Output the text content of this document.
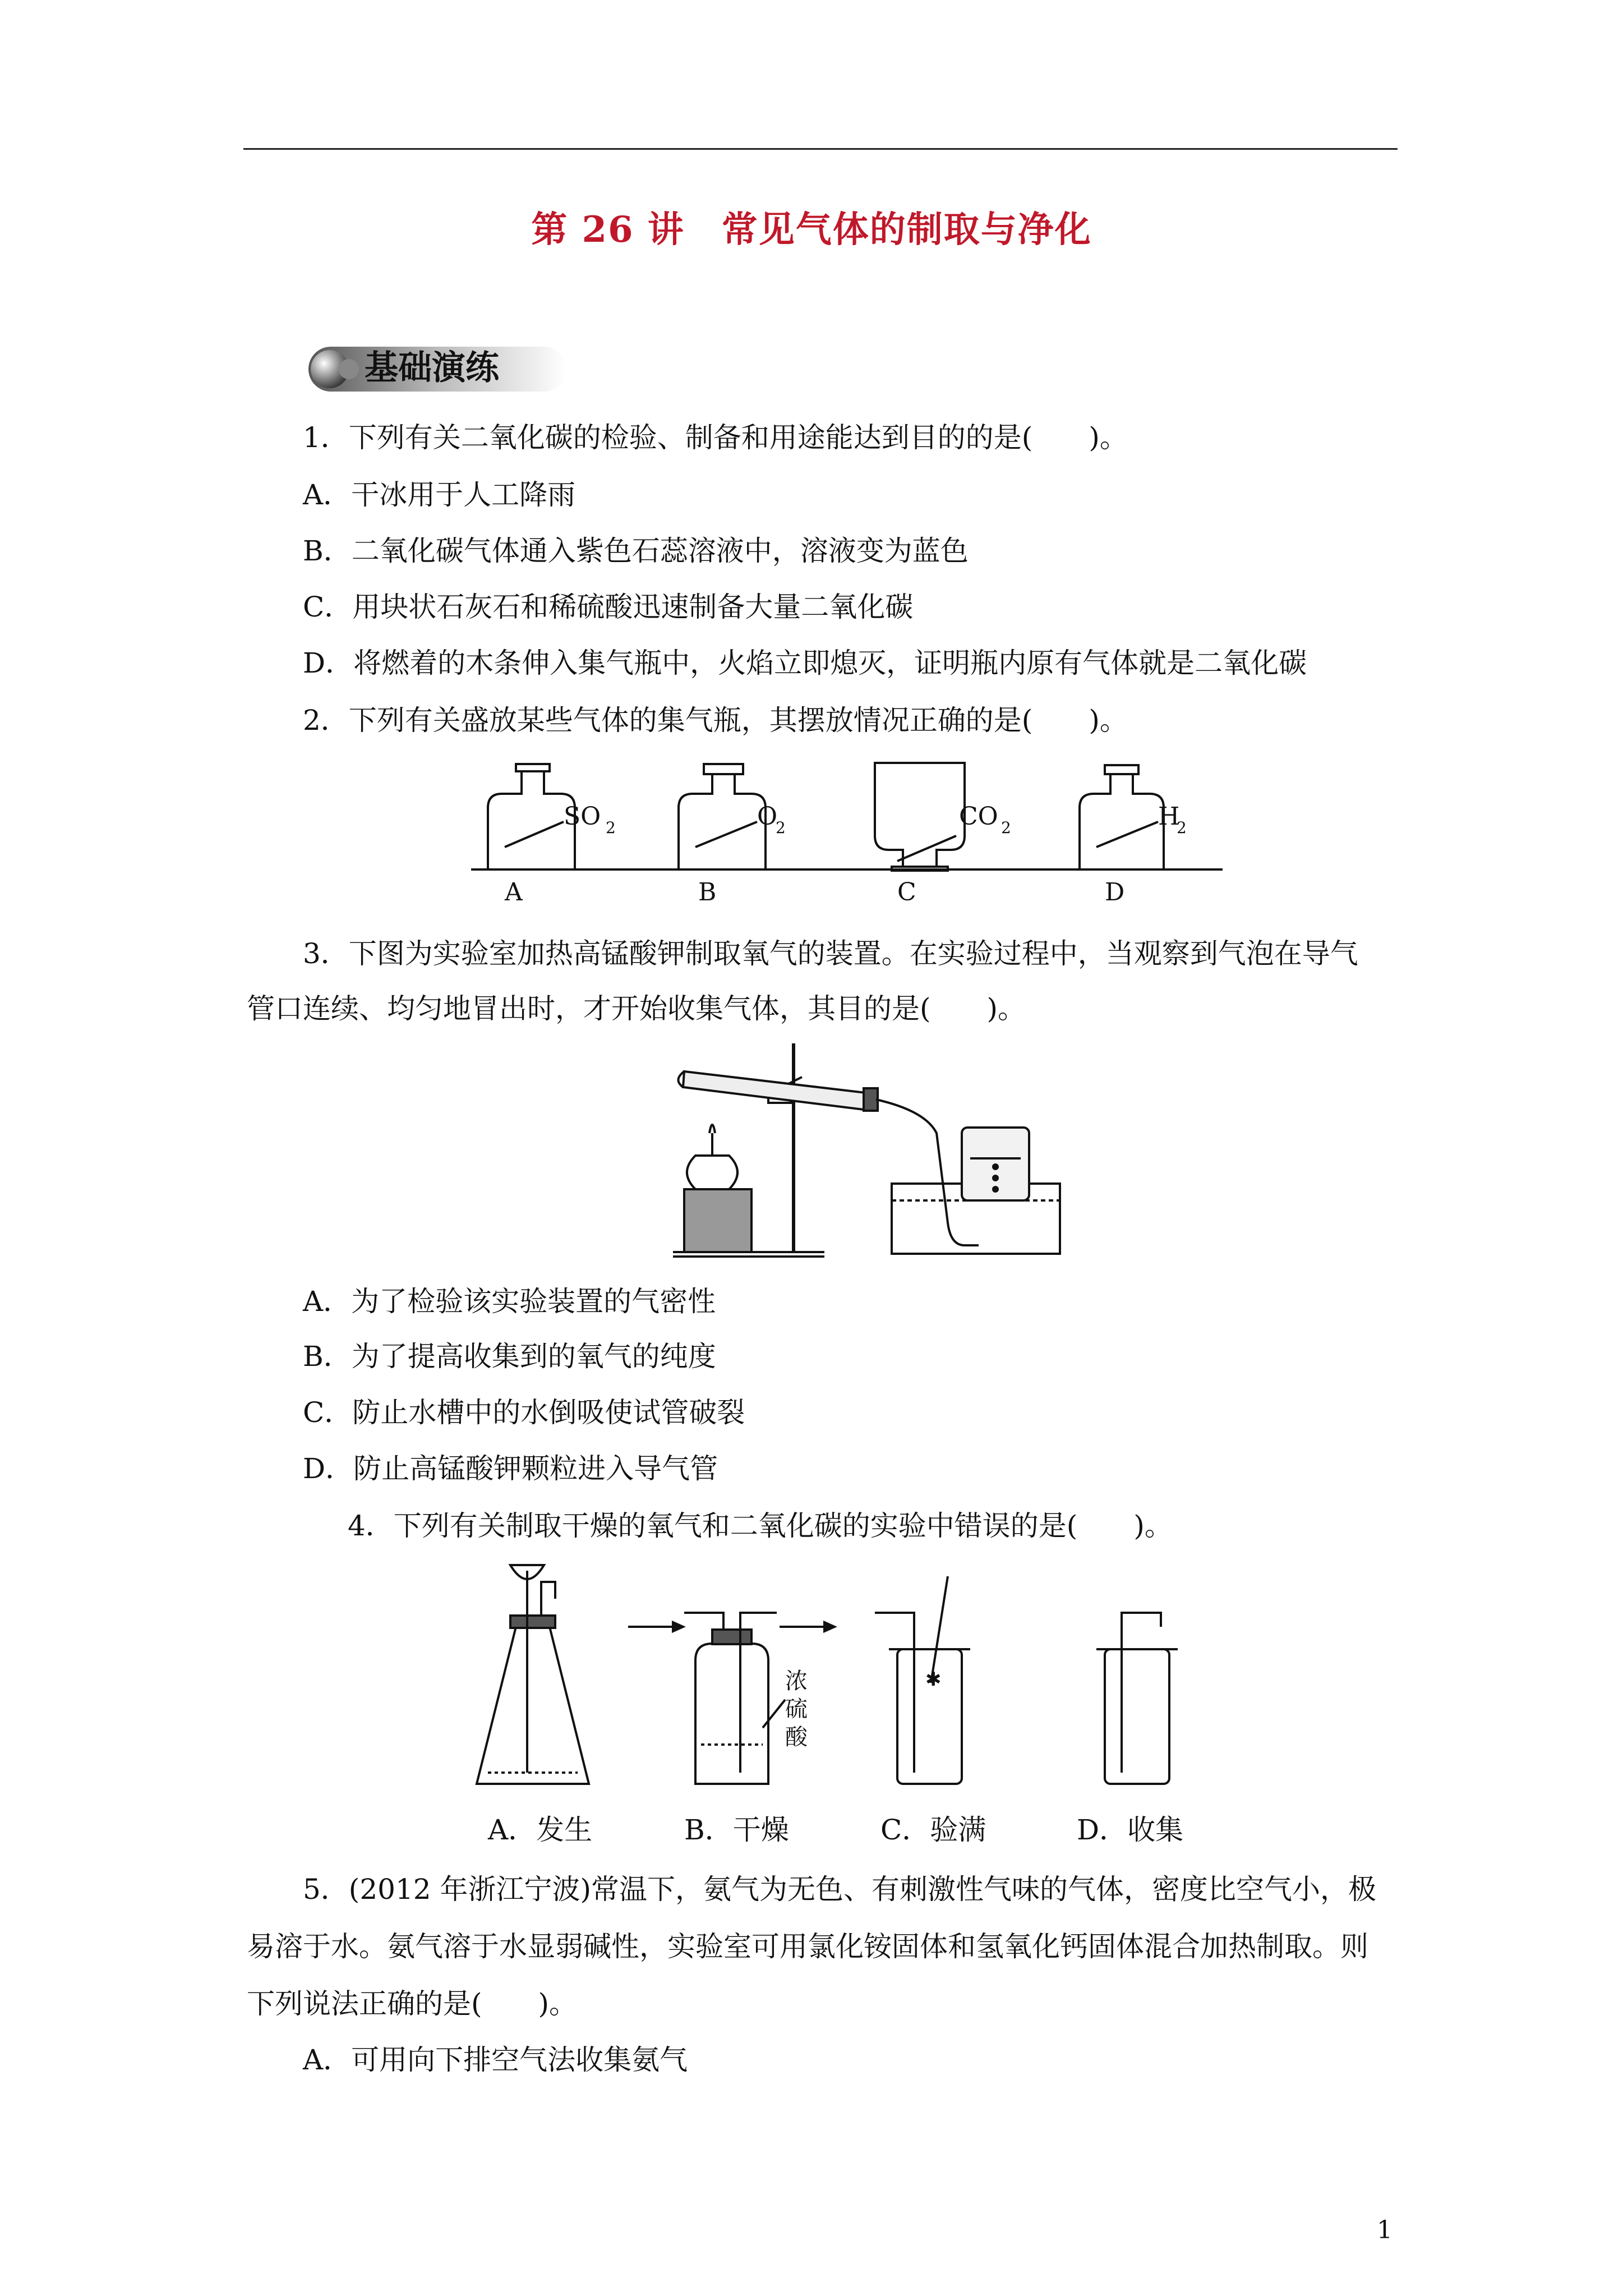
第 26 讲　常见气体的制取与净化
基础演练
1．下列有关二氧化碳的检验、制备和用途能达到目的的是(　　)。
A．干冰用于人工降雨
B．二氧化碳气体通入紫色石蕊溶液中，溶液变为蓝色
C．用块状石灰石和稀硫酸迅速制备大量二氧化碳
D．将燃着的木条伸入集气瓶中，火焰立即熄灭，证明瓶内原有气体就是二氧化碳
2．下列有关盛放某些气体的集气瓶，其摆放情况正确的是(　　)。
SO 2	O
2	CO 2	H
2
A	B	C	D
3．下图为实验室加热高锰酸钾制取氧气的装置。在实验过程中，当观察到气泡在导气
管口连续、均匀地冒出时，才开始收集气体，其目的是(　　)。
A．为了检验该实验装置的气密性
B．为了提高收集到的氧气的纯度
C．防止水槽中的水倒吸使试管破裂
D．防止高锰酸钾颗粒进入导气管
4．下列有关制取干燥的氧气和二氧化碳的实验中错误的是(　　)。
✱
浓
硫
酸
A．发生	B．干燥	C．验满	D．收集
5．(2012 年浙江宁波)常温下，氨气为无色、有刺激性气味的气体，密度比空气小，极
易溶于水。氨气溶于水显弱碱性，实验室可用氯化铵固体和氢氧化钙固体混合加热制取。则
下列说法正确的是(　　)。
A．可用向下排空气法收集氨气
1
